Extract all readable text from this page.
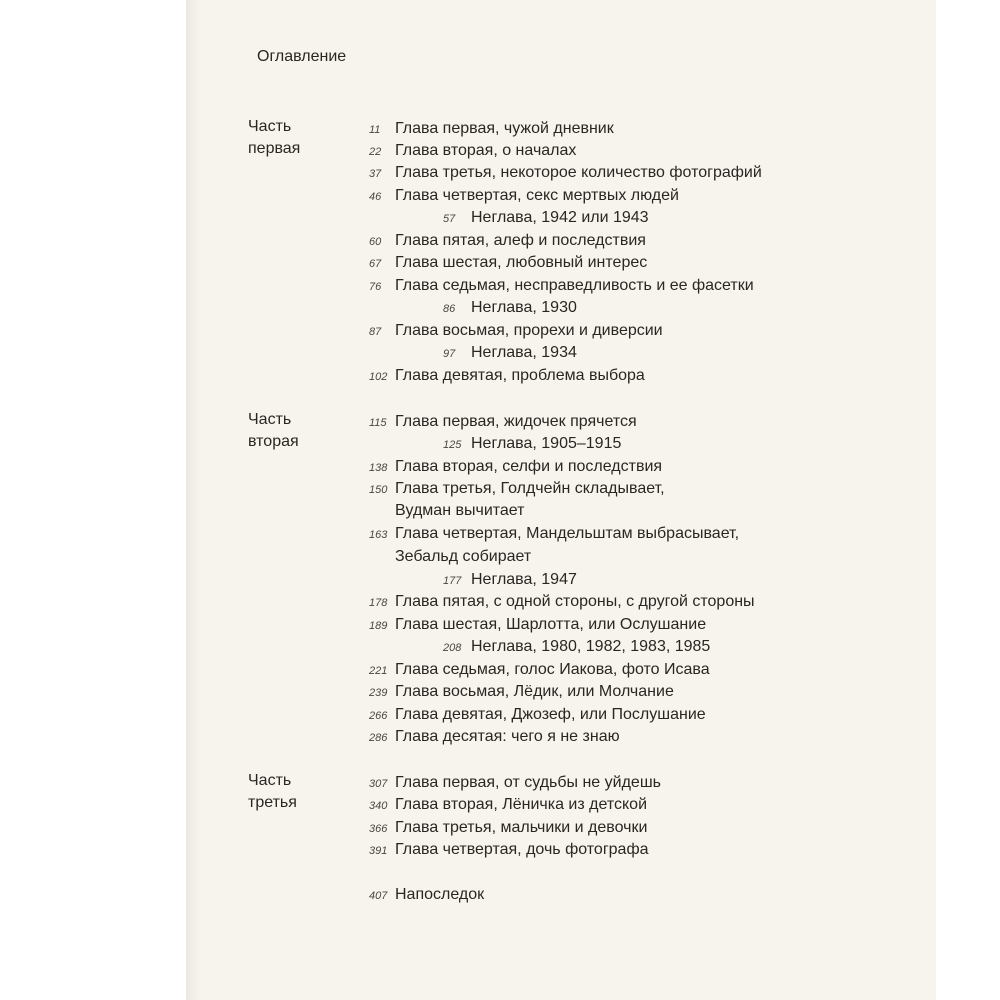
Оглавление
Часть
первая
11 Глава первая, чужой дневник
22 Глава вторая, о началах
37 Глава третья, некоторое количество фотографий
46 Глава четвертая, секс мертвых людей
57 Неглава, 1942 или 1943
60 Глава пятая, алеф и последствия
67 Глава шестая, любовный интерес
76 Глава седьмая, несправедливость и ее фасетки
86 Неглава, 1930
87 Глава восьмая, прорехи и диверсии
97 Неглава, 1934
102 Глава девятая, проблема выбора
Часть
вторая
115 Глава первая, жидочек прячется
125 Неглава, 1905–1915
138 Глава вторая, селфи и последствия
150 Глава третья, Голдчейн складывает,
Вудман вычитает
163 Глава четвертая, Мандельштам выбрасывает,
Зебальд собирает
177 Неглава, 1947
178 Глава пятая, с одной стороны, с другой стороны
189 Глава шестая, Шарлотта, или Ослушание
208 Неглава, 1980, 1982, 1983, 1985
221 Глава седьмая, голос Иакова, фото Исава
239 Глава восьмая, Лёдик, или Молчание
266 Глава девятая, Джозеф, или Послушание
286 Глава десятая: чего я не знаю
Часть
третья
307 Глава первая, от судьбы не уйдешь
340 Глава вторая, Лёничка из детской
366 Глава третья, мальчики и девочки
391 Глава четвертая, дочь фотографа
407 Напоследок
